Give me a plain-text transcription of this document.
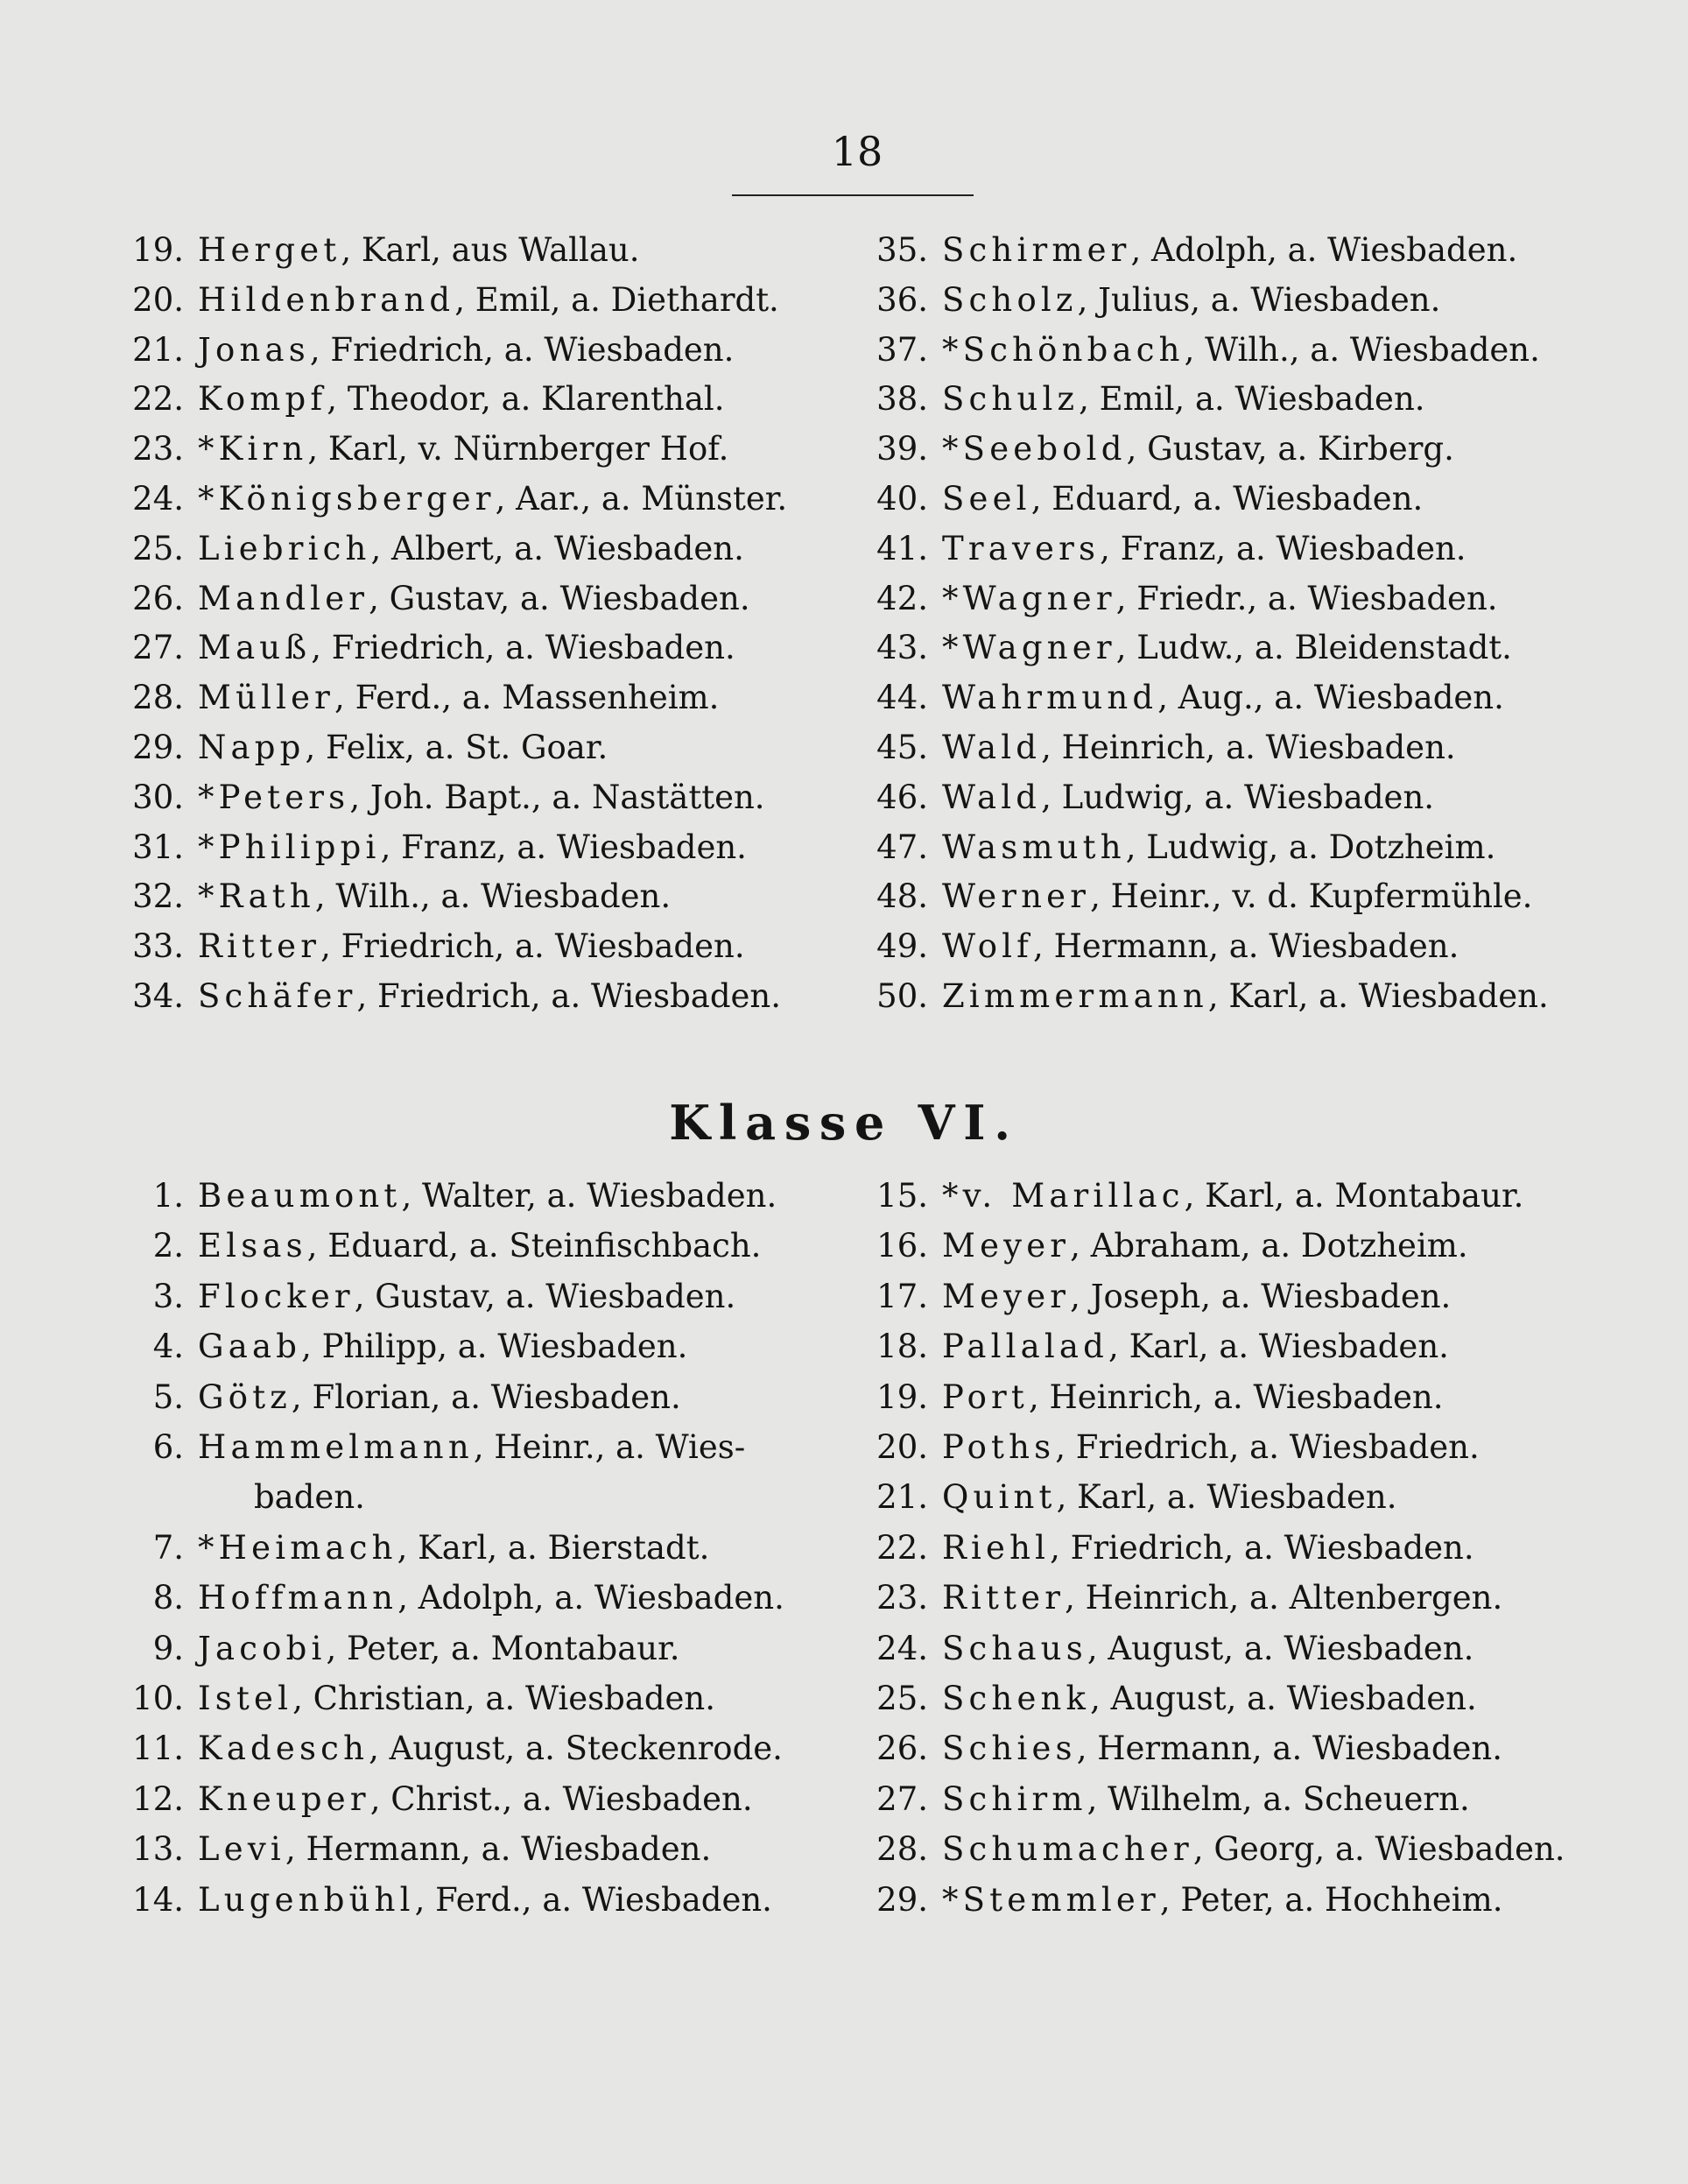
18
19. Herget, Karl, aus Wallau.
20. Hildenbrand, Emil, a. Diethardt.
21. Jonas, Friedrich, a. Wiesbaden.
22. Kompf, Theodor, a. Klarenthal.
23. *Kirn, Karl, v. Nürnberger Hof.
24. *Königsberger, Aar., a. Münster.
25. Liebrich, Albert, a. Wiesbaden.
26. Mandler, Gustav, a. Wiesbaden.
27. Mauß, Friedrich, a. Wiesbaden.
28. Müller, Ferd., a. Massenheim.
29. Napp, Felix, a. St. Goar.
30. *Peters, Joh. Bapt., a. Nastätten.
31. *Philippi, Franz, a. Wiesbaden.
32. *Rath, Wilh., a. Wiesbaden.
33. Ritter, Friedrich, a. Wiesbaden.
34. Schäfer, Friedrich, a. Wiesbaden.
35. Schirmer, Adolph, a. Wiesbaden.
36. Scholz, Julius, a. Wiesbaden.
37. *Schönbach, Wilh., a. Wiesbaden.
38. Schulz, Emil, a. Wiesbaden.
39. *Seebold, Gustav, a. Kirberg.
40. Seel, Eduard, a. Wiesbaden.
41. Travers, Franz, a. Wiesbaden.
42. *Wagner, Friedr., a. Wiesbaden.
43. *Wagner, Ludw., a. Bleidenstadt.
44. Wahrmund, Aug., a. Wiesbaden.
45. Wald, Heinrich, a. Wiesbaden.
46. Wald, Ludwig, a. Wiesbaden.
47. Wasmuth, Ludwig, a. Dotzheim.
48. Werner, Heinr., v. d. Kupfermühle.
49. Wolf, Hermann, a. Wiesbaden.
50. Zimmermann, Karl, a. Wiesbaden.
Klasse VI.
1. Beaumont, Walter, a. Wiesbaden.
2. Elsas, Eduard, a. Steinfischbach.
3. Flocker, Gustav, a. Wiesbaden.
4. Gaab, Philipp, a. Wiesbaden.
5. Götz, Florian, a. Wiesbaden.
6. Hammelmann, Heinr., a. Wies-
baden.
7. *Heimach, Karl, a. Bierstadt.
8. Hoffmann, Adolph, a. Wiesbaden.
9. Jacobi, Peter, a. Montabaur.
10. Istel, Christian, a. Wiesbaden.
11. Kadesch, August, a. Steckenrode.
12. Kneuper, Christ., a. Wiesbaden.
13. Levi, Hermann, a. Wiesbaden.
14. Lugenbühl, Ferd., a. Wiesbaden.
15. *v. Marillac, Karl, a. Montabaur.
16. Meyer, Abraham, a. Dotzheim.
17. Meyer, Joseph, a. Wiesbaden.
18. Pallalad, Karl, a. Wiesbaden.
19. Port, Heinrich, a. Wiesbaden.
20. Poths, Friedrich, a. Wiesbaden.
21. Quint, Karl, a. Wiesbaden.
22. Riehl, Friedrich, a. Wiesbaden.
23. Ritter, Heinrich, a. Altenbergen.
24. Schaus, August, a. Wiesbaden.
25. Schenk, August, a. Wiesbaden.
26. Schies, Hermann, a. Wiesbaden.
27. Schirm, Wilhelm, a. Scheuern.
28. Schumacher, Georg, a. Wiesbaden.
29. *Stemmler, Peter, a. Hochheim.
